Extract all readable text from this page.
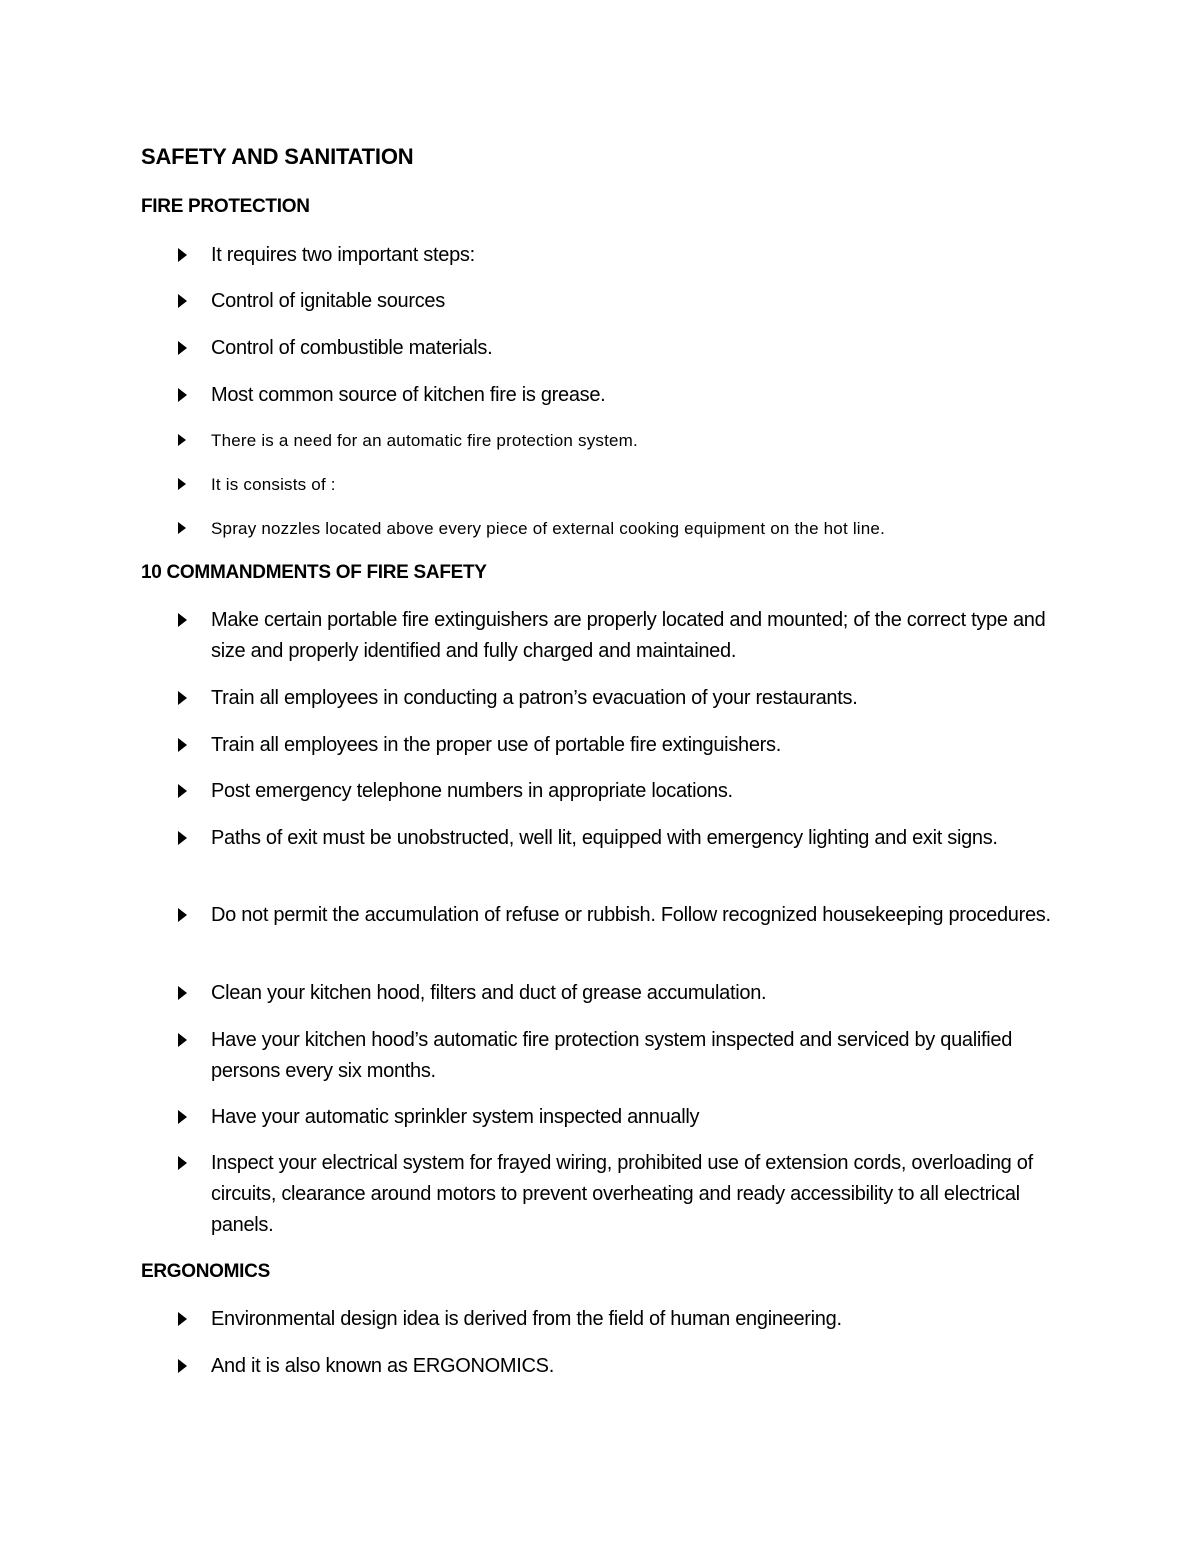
SAFETY AND SANITATION
FIRE PROTECTION
It requires two important steps:
Control of ignitable sources
Control of combustible materials.
Most common source of kitchen fire is grease.
There is a need for an automatic fire protection system.
It is consists of :
Spray nozzles located above every piece of external cooking equipment on the hot line.
10 COMMANDMENTS OF FIRE SAFETY
Make certain portable fire extinguishers are properly located and mounted; of the correct type and size and properly identified and fully charged and maintained.
Train all employees in conducting a patron’s evacuation of your restaurants.
Train all employees in the proper use of portable fire extinguishers.
Post emergency telephone numbers in appropriate locations.
Paths of exit must be unobstructed, well lit, equipped with emergency lighting and exit signs.
Do not permit the accumulation of refuse or rubbish. Follow recognized housekeeping procedures.
Clean your kitchen hood, filters and duct of grease accumulation.
Have your kitchen hood’s automatic fire protection system inspected and serviced by qualified persons every six months.
Have your automatic sprinkler system inspected annually
Inspect your electrical system for frayed wiring, prohibited use of extension cords, overloading of circuits, clearance around motors to prevent overheating and ready accessibility to all electrical panels.
ERGONOMICS
Environmental design idea is derived from the field of human engineering.
And it is also known as ERGONOMICS.
